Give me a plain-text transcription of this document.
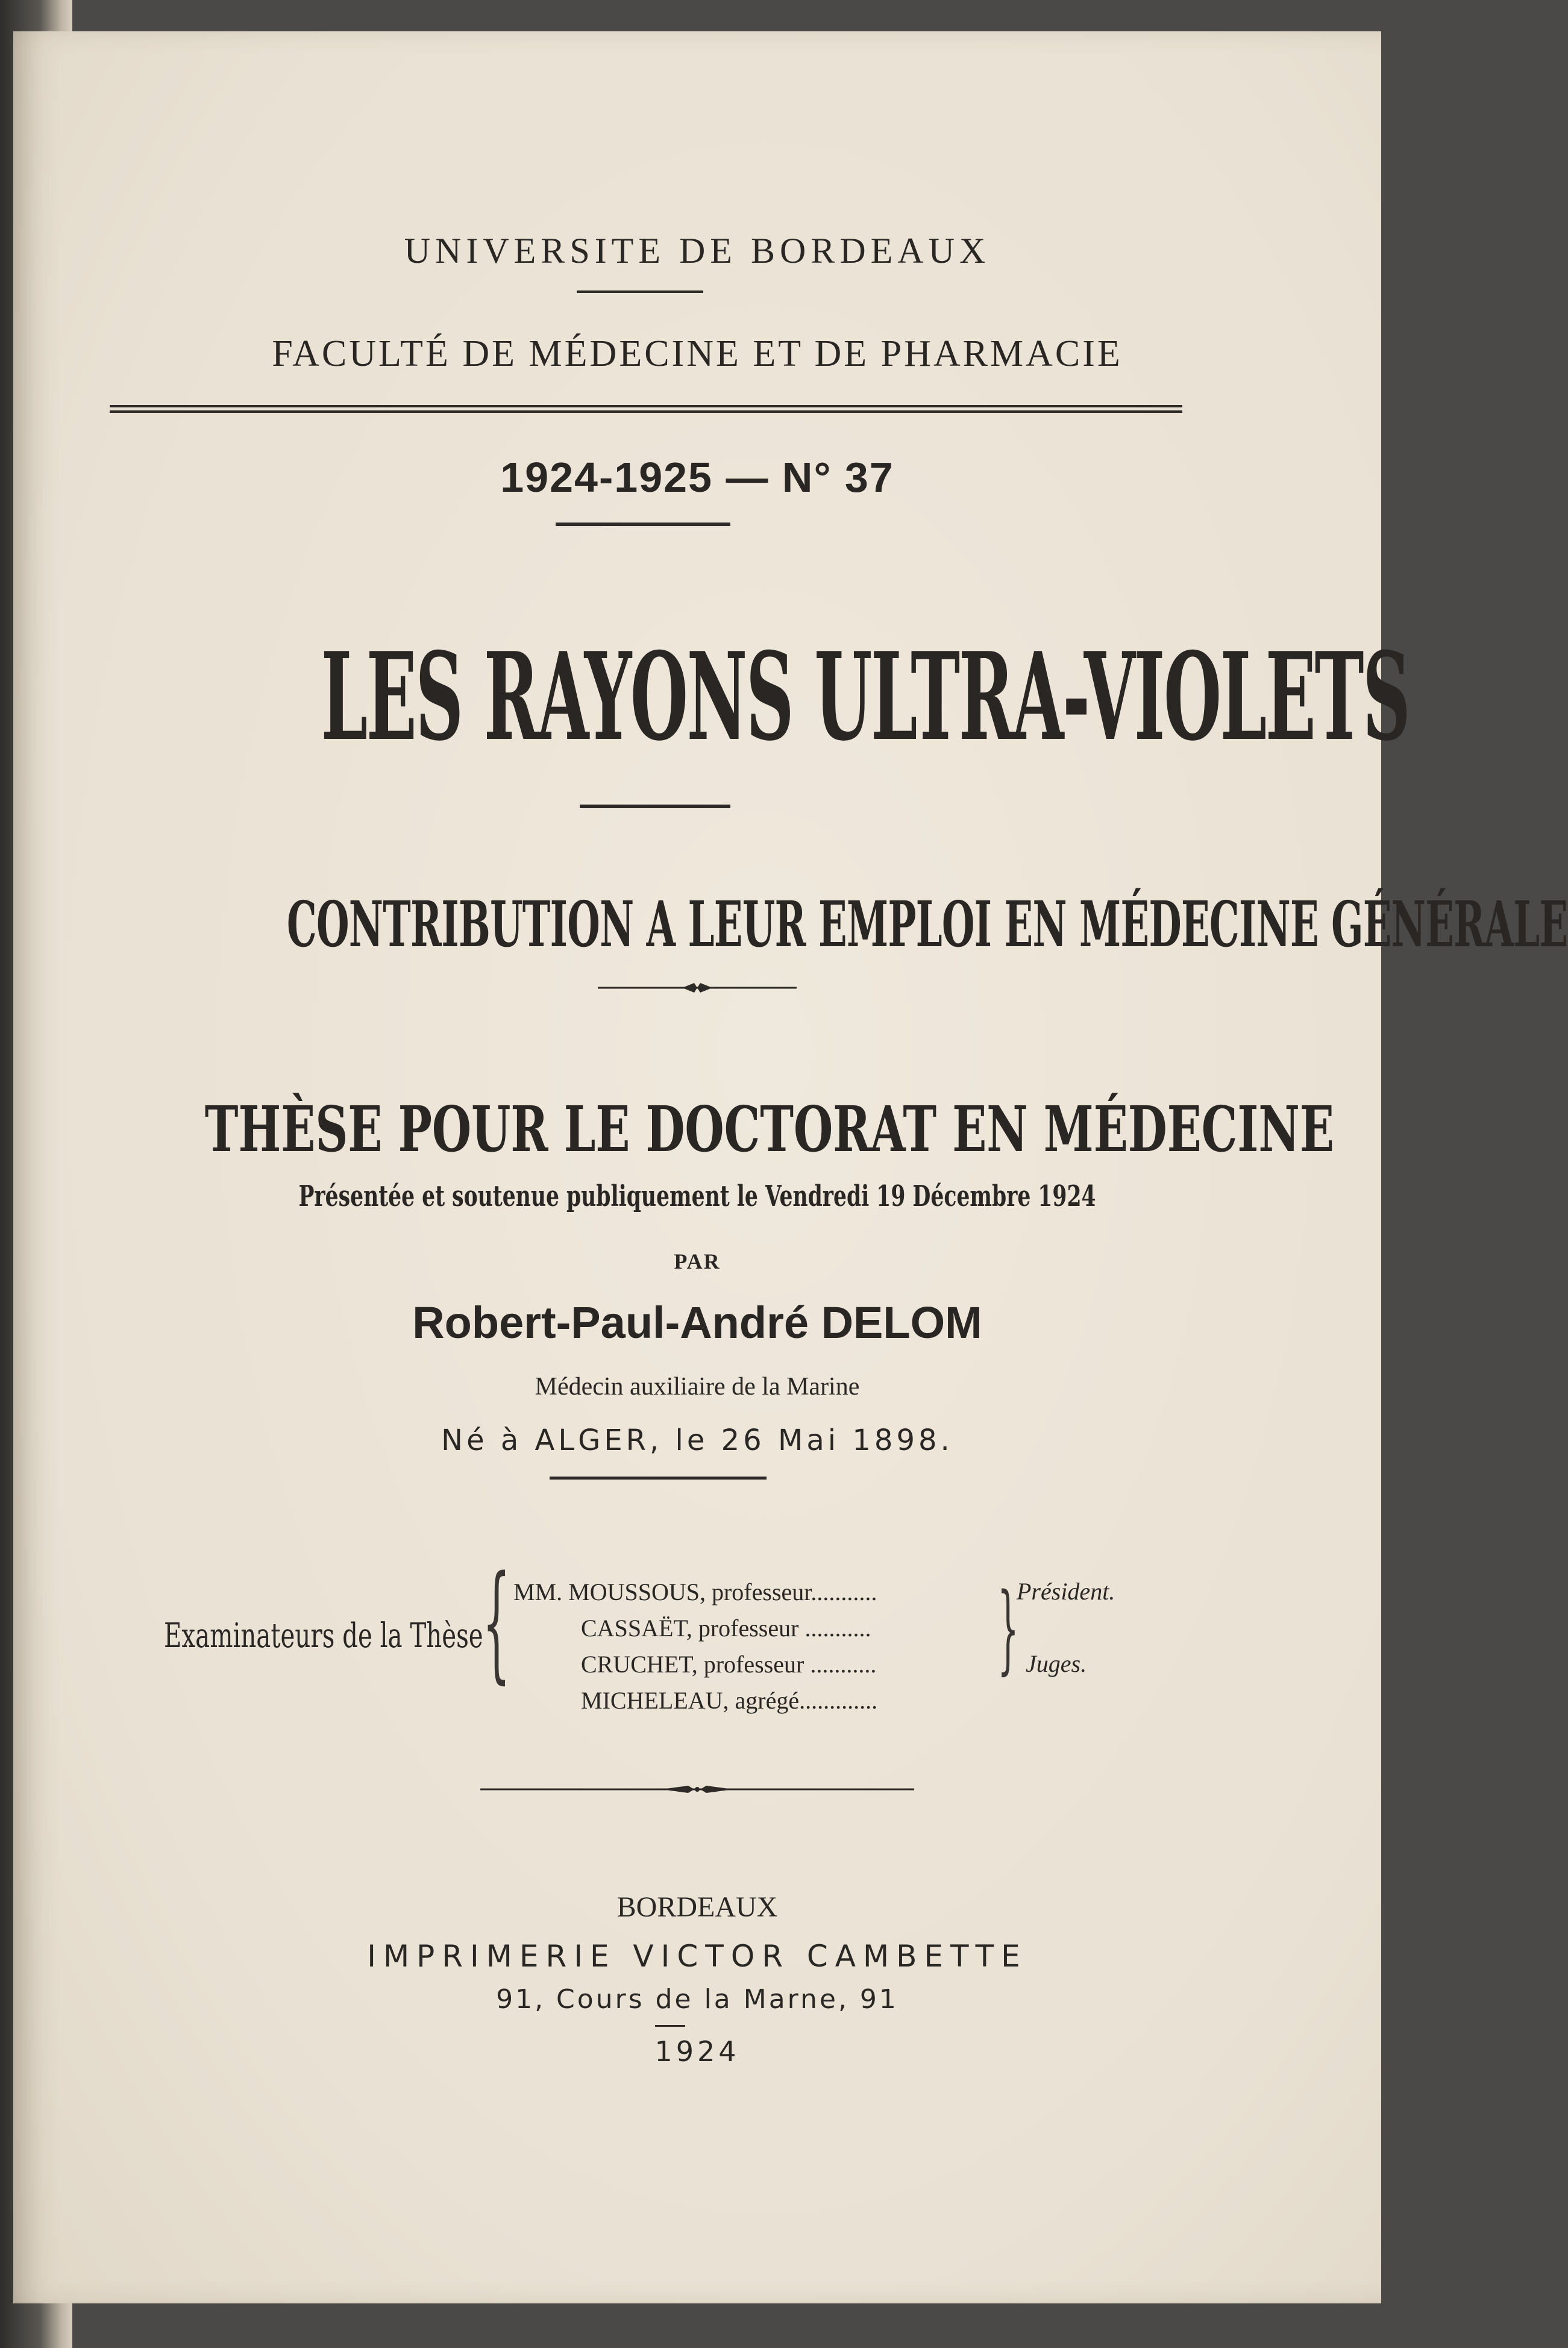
UNIVERSITE DE BORDEAUX
FACULTÉ DE MÉDECINE ET DE PHARMACIE
1924-1925 — N° 37
LES RAYONS ULTRA-VIOLETS
CONTRIBUTION A LEUR EMPLOI EN MÉDECINE GÉNÉRALE
THÈSE POUR LE DOCTORAT EN MÉDECINE
Présentée et soutenue publiquement le Vendredi 19 Décembre 1924
PAR
Robert-Paul-André DELOM
Médecin auxiliaire de la Marine
Né à ALGER, le 26 Mai 1898.
Examinateurs de la Thèse
{ MM. MOUSSOUS, professeur...........
CASSAËT, professeur ...........
CRUCHET, professeur ...........
MICHELEAU, agrégé.............
}
Président.
Juges.
BORDEAUX
IMPRIMERIE VICTOR CAMBETTE
91, Cours de la Marne, 91
1924
